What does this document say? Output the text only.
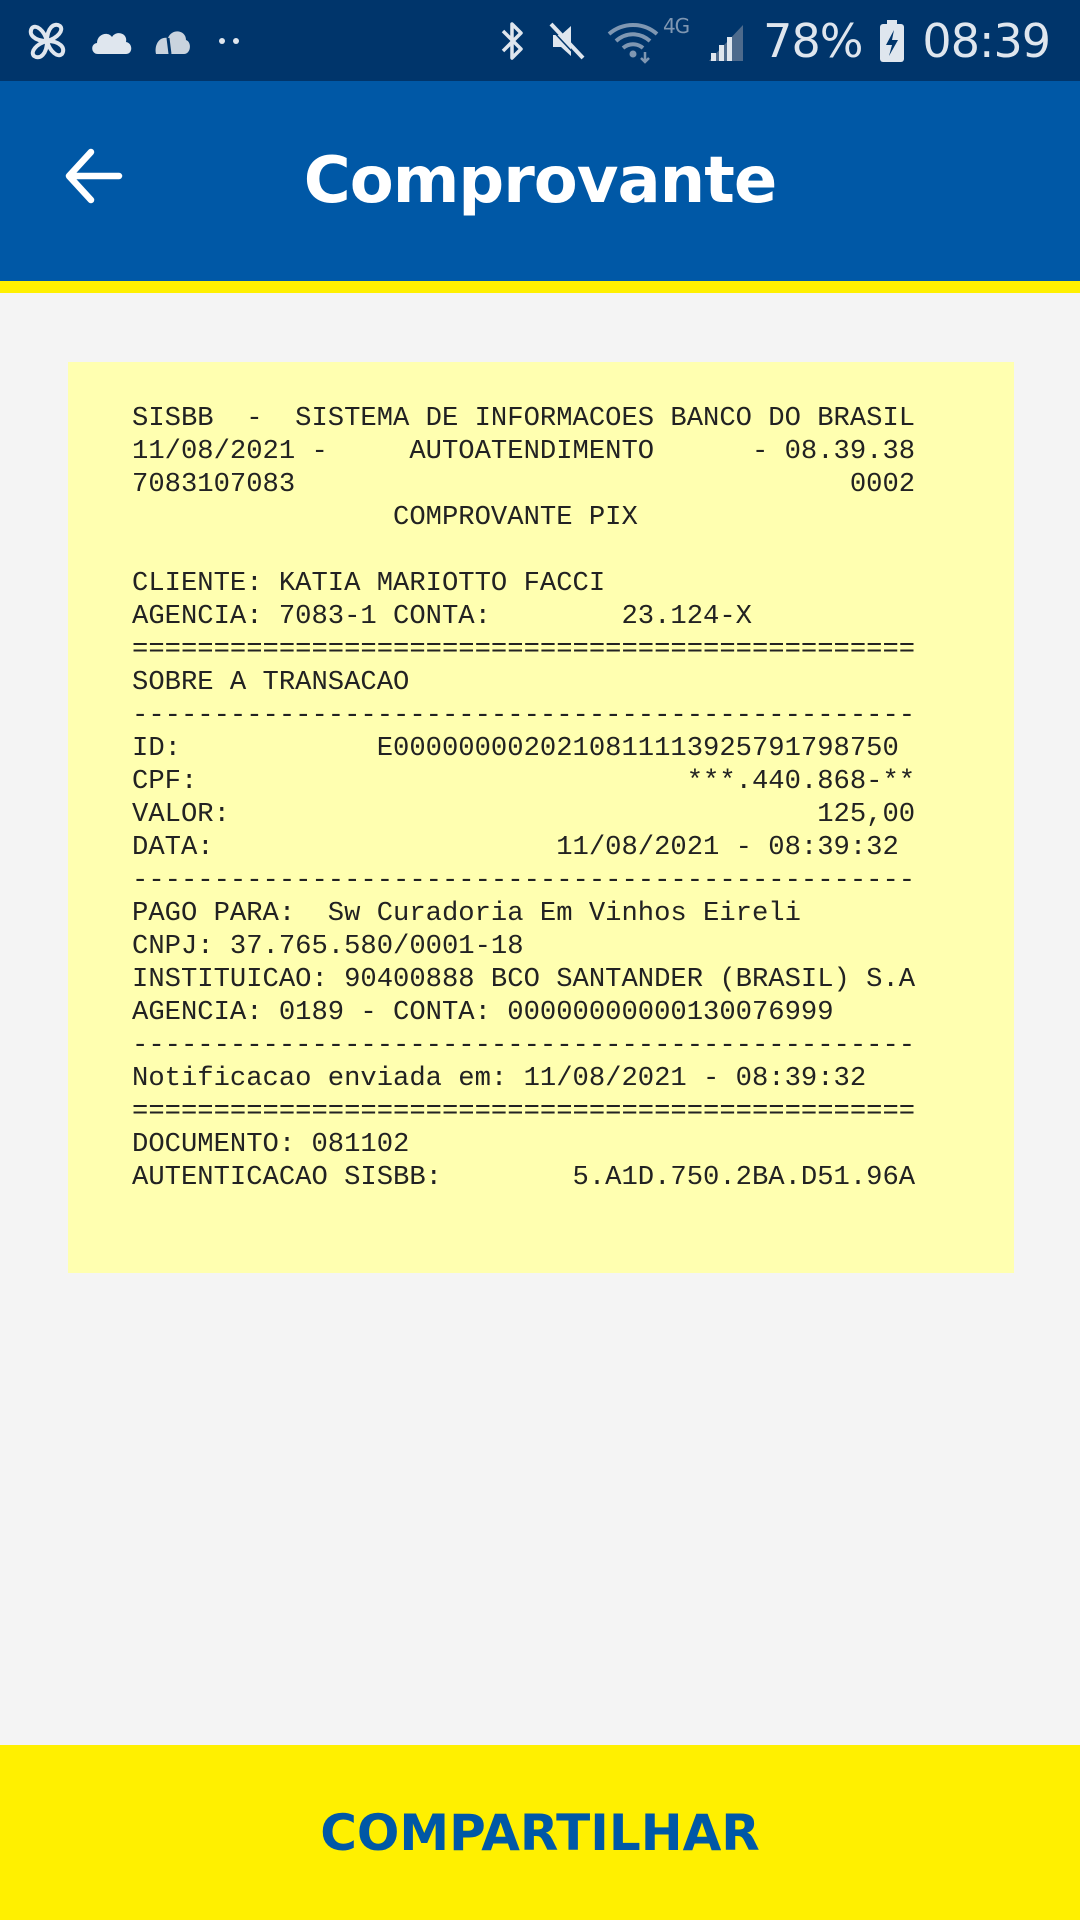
4G 78% 08:39
Comprovante
SISBB  -  SISTEMA DE INFORMACOES BANCO DO BRASIL
11/08/2021 -     AUTOATENDIMENTO      - 08.39.38
7083107083                                  0002
COMPROVANTE PIX
CLIENTE: KATIA MARIOTTO FACCI
AGENCIA: 7083-1 CONTA:        23.124-X
================================================
SOBRE A TRANSACAO
------------------------------------------------
ID:            E0000000020210811113925791798750
CPF:                              ***.440.868-**
VALOR:                                    125,00
DATA:                     11/08/2021 - 08:39:32
------------------------------------------------
PAGO PARA:  Sw Curadoria Em Vinhos Eireli
CNPJ: 37.765.580/0001-18
INSTITUICAO: 90400888 BCO SANTANDER (BRASIL) S.A
AGENCIA: 0189 - CONTA: 00000000000130076999
------------------------------------------------
Notificacao enviada em: 11/08/2021 - 08:39:32
================================================
DOCUMENTO: 081102
AUTENTICACAO SISBB:        5.A1D.750.2BA.D51.96A
COMPARTILHAR
